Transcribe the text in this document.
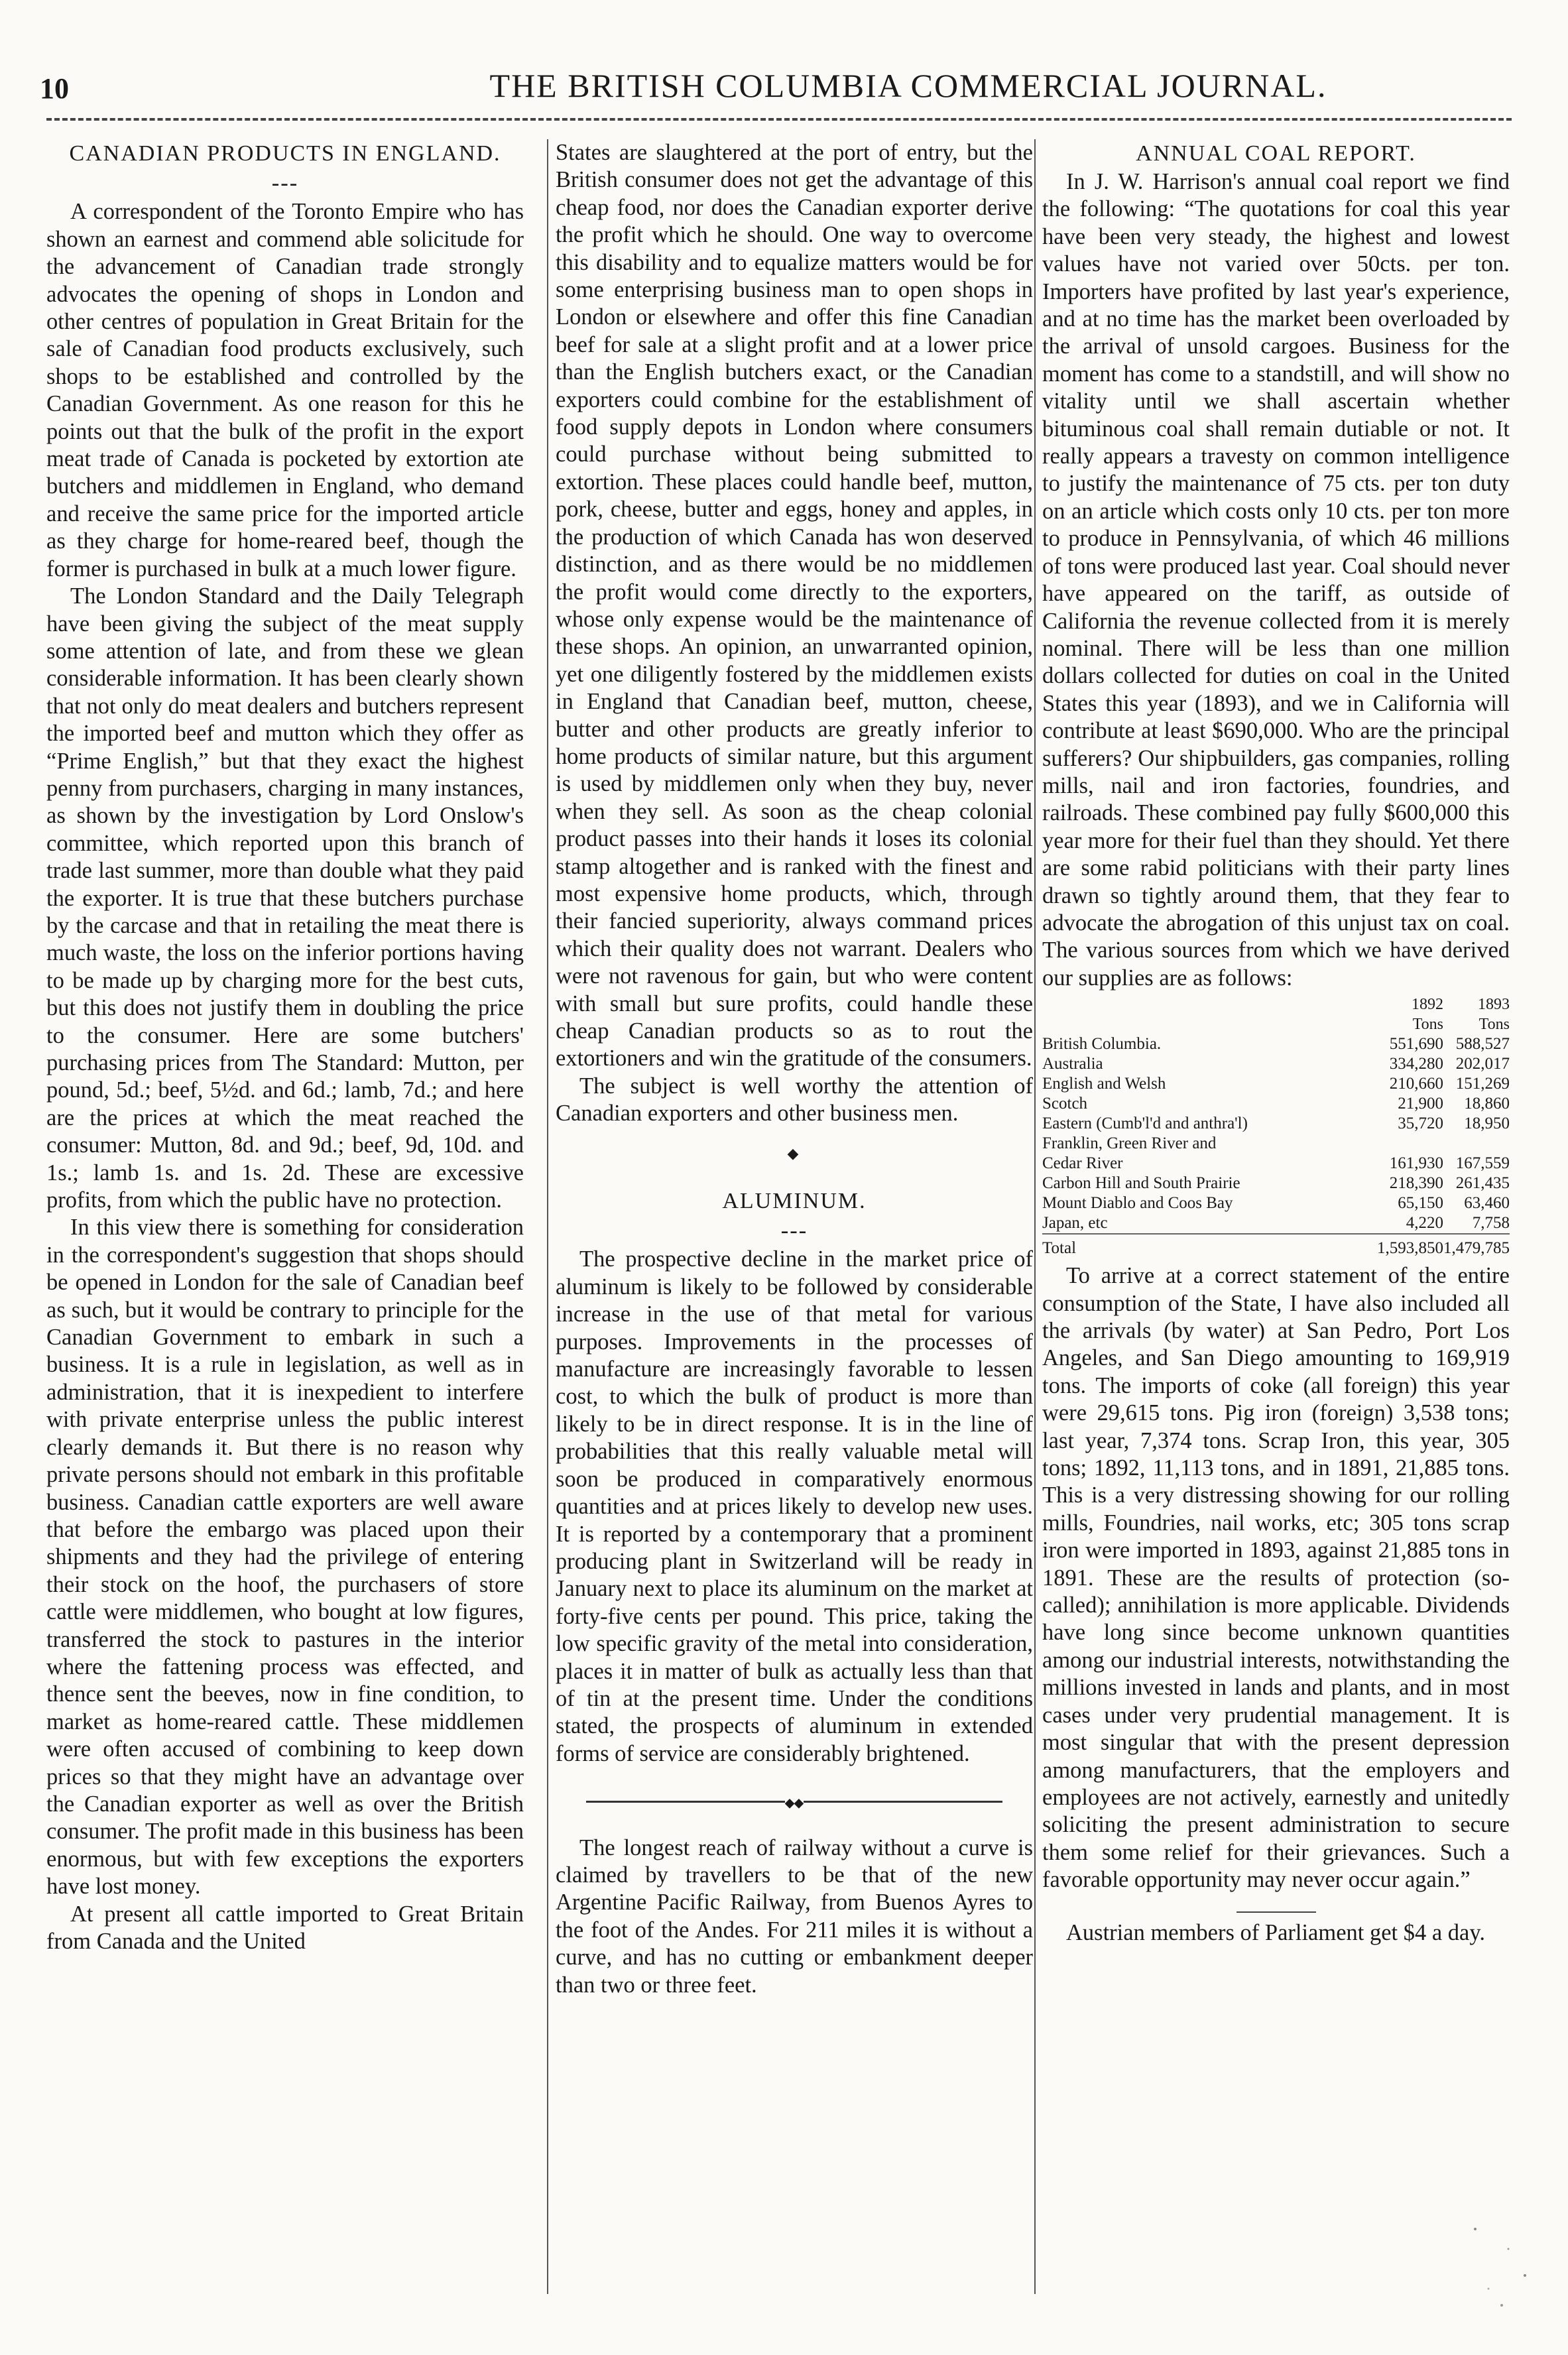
10	THE BRITISH COLUMBIA COMMERCIAL JOURNAL.
CANADIAN PRODUCTS IN ENGLAND.
---

A correspondent of the Toronto Empire who has shown an earnest and commend able solicitude for the advancement of Canadian trade strongly advocates the opening of shops in London and other centres of population in Great Britain for the sale of Canadian food products exclusively, such shops to be established and controlled by the Canadian Government. As one reason for this he points out that the bulk of the profit in the export meat trade of Canada is pocketed by extortion ate butchers and middlemen in England, who demand and receive the same price for the imported article as they charge for home-reared beef, though the former is purchased in bulk at a much lower figure.

The London Standard and the Daily Telegraph have been giving the subject of the meat supply some attention of late, and from these we glean considerable information. It has been clearly shown that not only do meat dealers and butchers represent the imported beef and mutton which they offer as “Prime English,” but that they exact the highest penny from purchasers, charging in many instances, as shown by the investigation by Lord Onslow's committee, which reported upon this branch of trade last summer, more than double what they paid the exporter. It is true that these butchers purchase by the carcase and that in retailing the meat there is much waste, the loss on the inferior portions having to be made up by charging more for the best cuts, but this does not justify them in doubling the price to the consumer. Here are some butchers' purchasing prices from The Standard: Mutton, per pound, 5d.; beef, 5½d. and 6d.; lamb, 7d.; and here are the prices at which the meat reached the consumer: Mutton, 8d. and 9d.; beef, 9d, 10d. and 1s.; lamb 1s. and 1s. 2d. These are excessive profits, from which the public have no protection.

In this view there is something for consideration in the correspondent's suggestion that shops should be opened in London for the sale of Canadian beef as such, but it would be contrary to principle for the Canadian Government to embark in such a business. It is a rule in legislation, as well as in administration, that it is inexpedient to interfere with private enterprise unless the public interest clearly demands it. But there is no reason why private persons should not embark in this profitable business. Canadian cattle exporters are well aware that before the embargo was placed upon their shipments and they had the privilege of entering their stock on the hoof, the purchasers of store cattle were middlemen, who bought at low figures, transferred the stock to pastures in the interior where the fattening process was effected, and thence sent the beeves, now in fine condition, to market as home-reared cattle. These middlemen were often accused of combining to keep down prices so that they might have an advantage over the Canadian exporter as well as over the British consumer. The profit made in this business has been enormous, but with few exceptions the exporters have lost money.

At present all cattle imported to Great Britain from Canada and the United

States are slaughtered at the port of entry, but the British consumer does not get the advantage of this cheap food, nor does the Canadian exporter derive the profit which he should. One way to overcome this disability and to equalize matters would be for some enterprising business man to open shops in London or elsewhere and offer this fine Canadian beef for sale at a slight profit and at a lower price than the English butchers exact, or the Canadian exporters could combine for the establishment of food supply depots in London where consumers could purchase without being submitted to extortion. These places could handle beef, mutton, pork, cheese, butter and eggs, honey and apples, in the production of which Canada has won deserved distinction, and as there would be no middlemen the profit would come directly to the exporters, whose only expense would be the maintenance of these shops. An opinion, an unwarranted opinion, yet one diligently fostered by the middlemen exists in England that Canadian beef, mutton, cheese, butter and other products are greatly inferior to home products of similar nature, but this argument is used by middlemen only when they buy, never when they sell. As soon as the cheap colonial product passes into their hands it loses its colonial stamp altogether and is ranked with the finest and most expensive home products, which, through their fancied superiority, always command prices which their quality does not warrant. Dealers who were not ravenous for gain, but who were content with small but sure profits, could handle these cheap Canadian products so as to rout the extortioners and win the gratitude of the consumers.

The subject is well worthy the attention of Canadian exporters and other business men.

◆
ALUMINUM.
---

The prospective decline in the market price of aluminum is likely to be followed by considerable increase in the use of that metal for various purposes. Improvements in the processes of manufacture are increasingly favorable to lessen cost, to which the bulk of product is more than likely to be in direct response. It is in the line of probabilities that this really valuable metal will soon be produced in comparatively enormous quantities and at prices likely to develop new uses. It is reported by a contemporary that a prominent producing plant in Switzerland will be ready in January next to place its aluminum on the market at forty-five cents per pound. This price, taking the low specific gravity of the metal into consideration, places it in matter of bulk as actually less than that of tin at the present time. Under the conditions stated, the prospects of aluminum in extended forms of service are considerably brightened.

◆◆

The longest reach of railway without a curve is claimed by travellers to be that of the new Argentine Pacific Railway, from Buenos Ayres to the foot of the Andes. For 211 miles it is without a curve, and has no cutting or embankment deeper than two or three feet.

ANNUAL COAL REPORT.

In J. W. Harrison's annual coal report we find the following: “The quotations for coal this year have been very steady, the highest and lowest values have not varied over 50cts. per ton. Importers have profited by last year's experience, and at no time has the market been overloaded by the arrival of unsold cargoes. Business for the moment has come to a standstill, and will show no vitality until we shall ascertain whether bituminous coal shall remain dutiable or not. It really appears a travesty on common intelligence to justify the maintenance of 75 cts. per ton duty on an article which costs only 10 cts. per ton more to produce in Pennsylvania, of which 46 millions of tons were produced last year. Coal should never have appeared on the tariff, as outside of California the revenue collected from it is merely nominal. There will be less than one million dollars collected for duties on coal in the United States this year (1893), and we in California will contribute at least $690,000. Who are the principal sufferers? Our shipbuilders, gas companies, rolling mills, nail and iron factories, foundries, and railroads. These combined pay fully $600,000 this year more for their fuel than they should. Yet there are some rabid politicians with their party lines drawn so tightly around them, that they fear to advocate the abrogation of this unjust tax on coal. The various sources from which we have derived our supplies are as follows:

	1892	1893
	Tons	Tons
British Columbia.	551,690	588,527
Australia	334,280	202,017
English and Welsh	210,660	151,269
Scotch	21,900	18,860
Eastern (Cumb'l'd and anthra'l)	35,720	18,950
Franklin, Green River and		
Cedar River	161,930	167,559
Carbon Hill and South Prairie	218,390	261,435
Mount Diablo and Coos Bay	65,150	63,460
Japan, etc	4,220	7,758
Total	1,593,850	1,479,785

To arrive at a correct statement of the entire consumption of the State, I have also included all the arrivals (by water) at San Pedro, Port Los Angeles, and San Diego amounting to 169,919 tons. The imports of coke (all foreign) this year were 29,615 tons. Pig iron (foreign) 3,538 tons; last year, 7,374 tons. Scrap Iron, this year, 305 tons; 1892, 11,113 tons, and in 1891, 21,885 tons. This is a very distressing showing for our rolling mills, Foundries, nail works, etc; 305 tons scrap iron were imported in 1893, against 21,885 tons in 1891. These are the results of protection (so-called); annihilation is more applicable. Dividends have long since become unknown quantities among our industrial interests, notwithstanding the millions invested in lands and plants, and in most cases under very prudential management. It is most singular that with the present depression among manufacturers, that the employers and employees are not actively, earnestly and unitedly soliciting the present administration to secure them some relief for their grievances. Such a favorable opportunity may never occur again.”

Austrian members of Parliament get $4 a day.
